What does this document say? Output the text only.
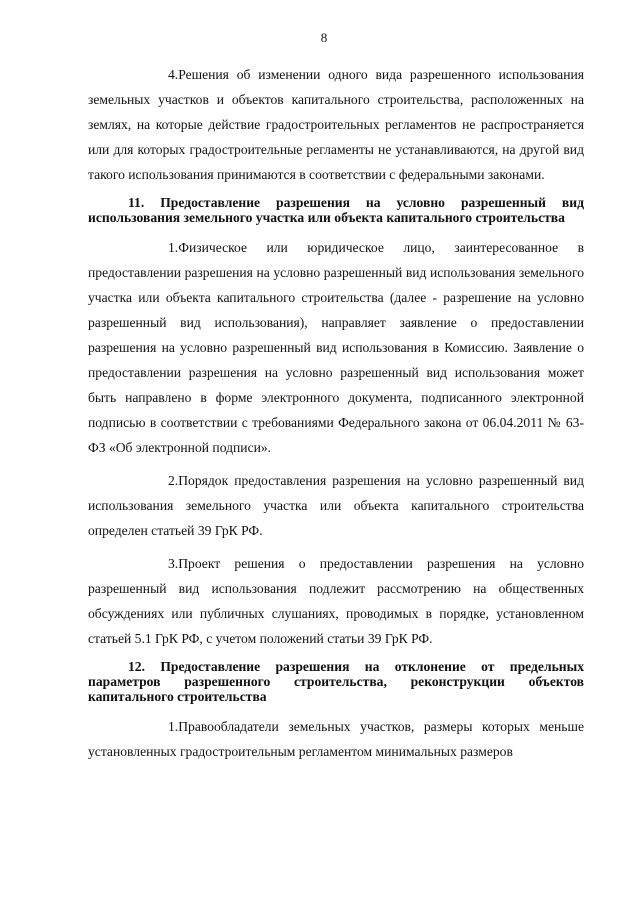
8

4.Решения об изменении одного вида разрешенного использования земельных участков и объектов капитального строительства, расположенных на землях, на которые действие градостроительных регламентов не распространяется или для которых градостроительные регламенты не устанавливаются, на другой вид такого использования принимаются в соответствии с федеральными законами.

11. Предоставление разрешения на условно разрешенный вид использования земельного участка или объекта капитального строительства

1.Физическое или юридическое лицо, заинтересованное в предоставлении разрешения на условно разрешенный вид использования земельного участка или объекта капитального строительства (далее - разрешение на условно разрешенный вид использования), направляет заявление о предоставлении разрешения на условно разрешенный вид использования в Комиссию. Заявление о предоставлении разрешения на условно разрешенный вид использования может быть направлено в форме электронного документа, подписанного электронной подписью в соответствии с требованиями Федерального закона от 06.04.2011 № 63-ФЗ «Об электронной подписи».

2.Порядок предоставления разрешения на условно разрешенный вид использования земельного участка или объекта капитального строительства определен статьей 39 ГрК РФ.

3.Проект решения о предоставлении разрешения на условно разрешенный вид использования подлежит рассмотрению на общественных обсуждениях или публичных слушаниях, проводимых в порядке, установленном статьей 5.1 ГрК РФ, с учетом положений статьи 39 ГрК РФ.

12. Предоставление разрешения на отклонение от предельных параметров разрешенного строительства, реконструкции объектов капитального строительства

1.Правообладатели земельных участков, размеры которых меньше установленных градостроительным регламентом минимальных размеров
